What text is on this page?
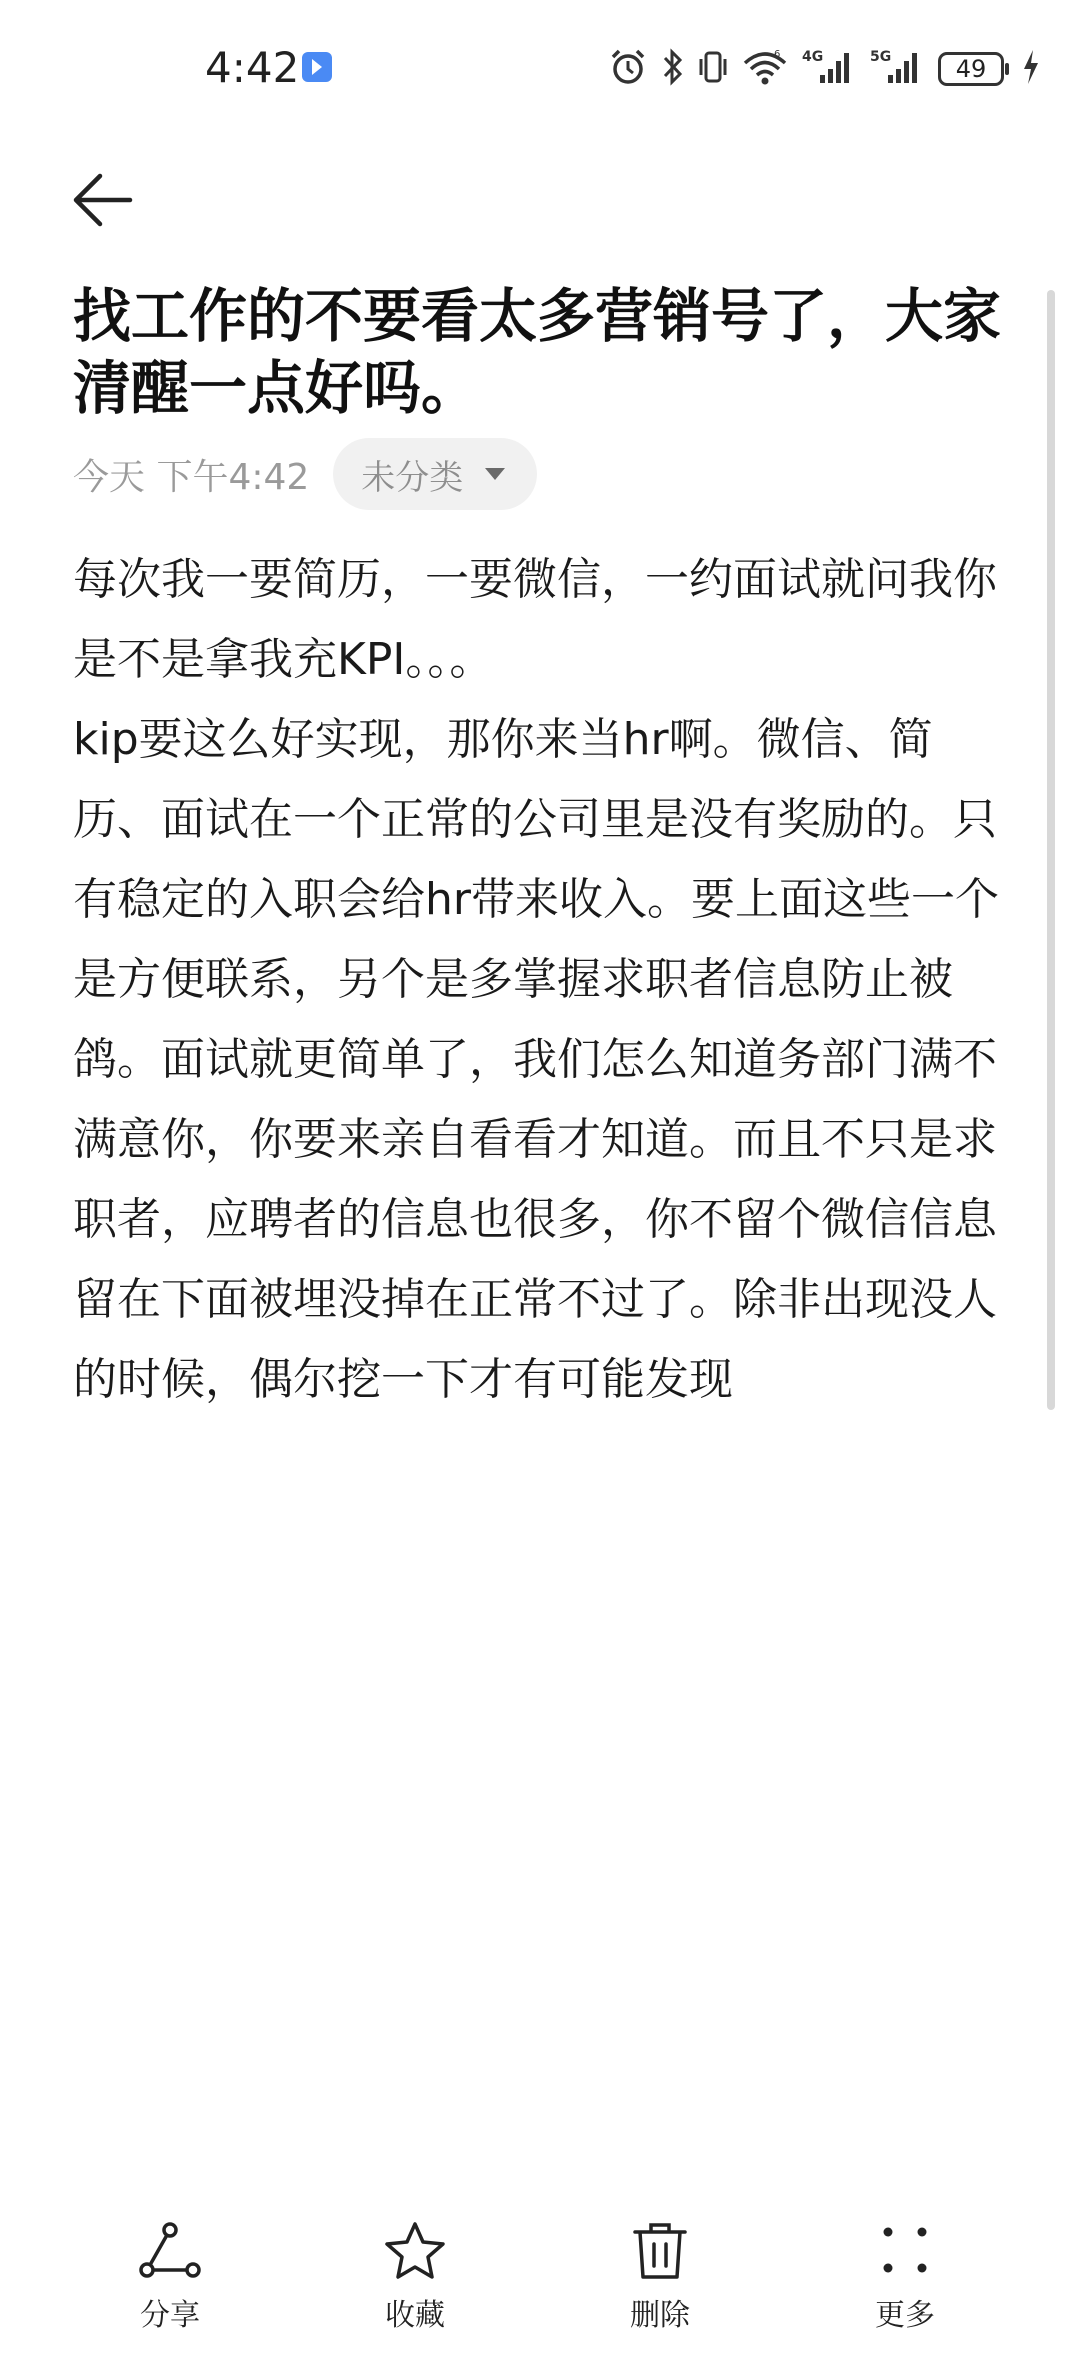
4:42	6 4G	5G	49
找工作的不要看太多营销号了，大家清醒一点好吗。
今天 下午4:42 未分类

每次我一要简历，一要微信，一约面试就问我你是不是拿我充KPI。。。
kip要这么好实现，那你来当hr啊。微信、简历、面试在一个正常的公司里是没有奖励的。只有稳定的入职会给hr带来收入。要上面这些一个是方便联系，另个是多掌握求职者信息防止被鸽。面试就更简单了，我们怎么知道务部门满不满意你，你要来亲自看看才知道。而且不只是求职者，应聘者的信息也很多，你不留个微信信息留在下面被埋没掉在正常不过了。除非出现没人的时候，偶尔挖一下才有可能发现

分享	收藏	删除	更多
